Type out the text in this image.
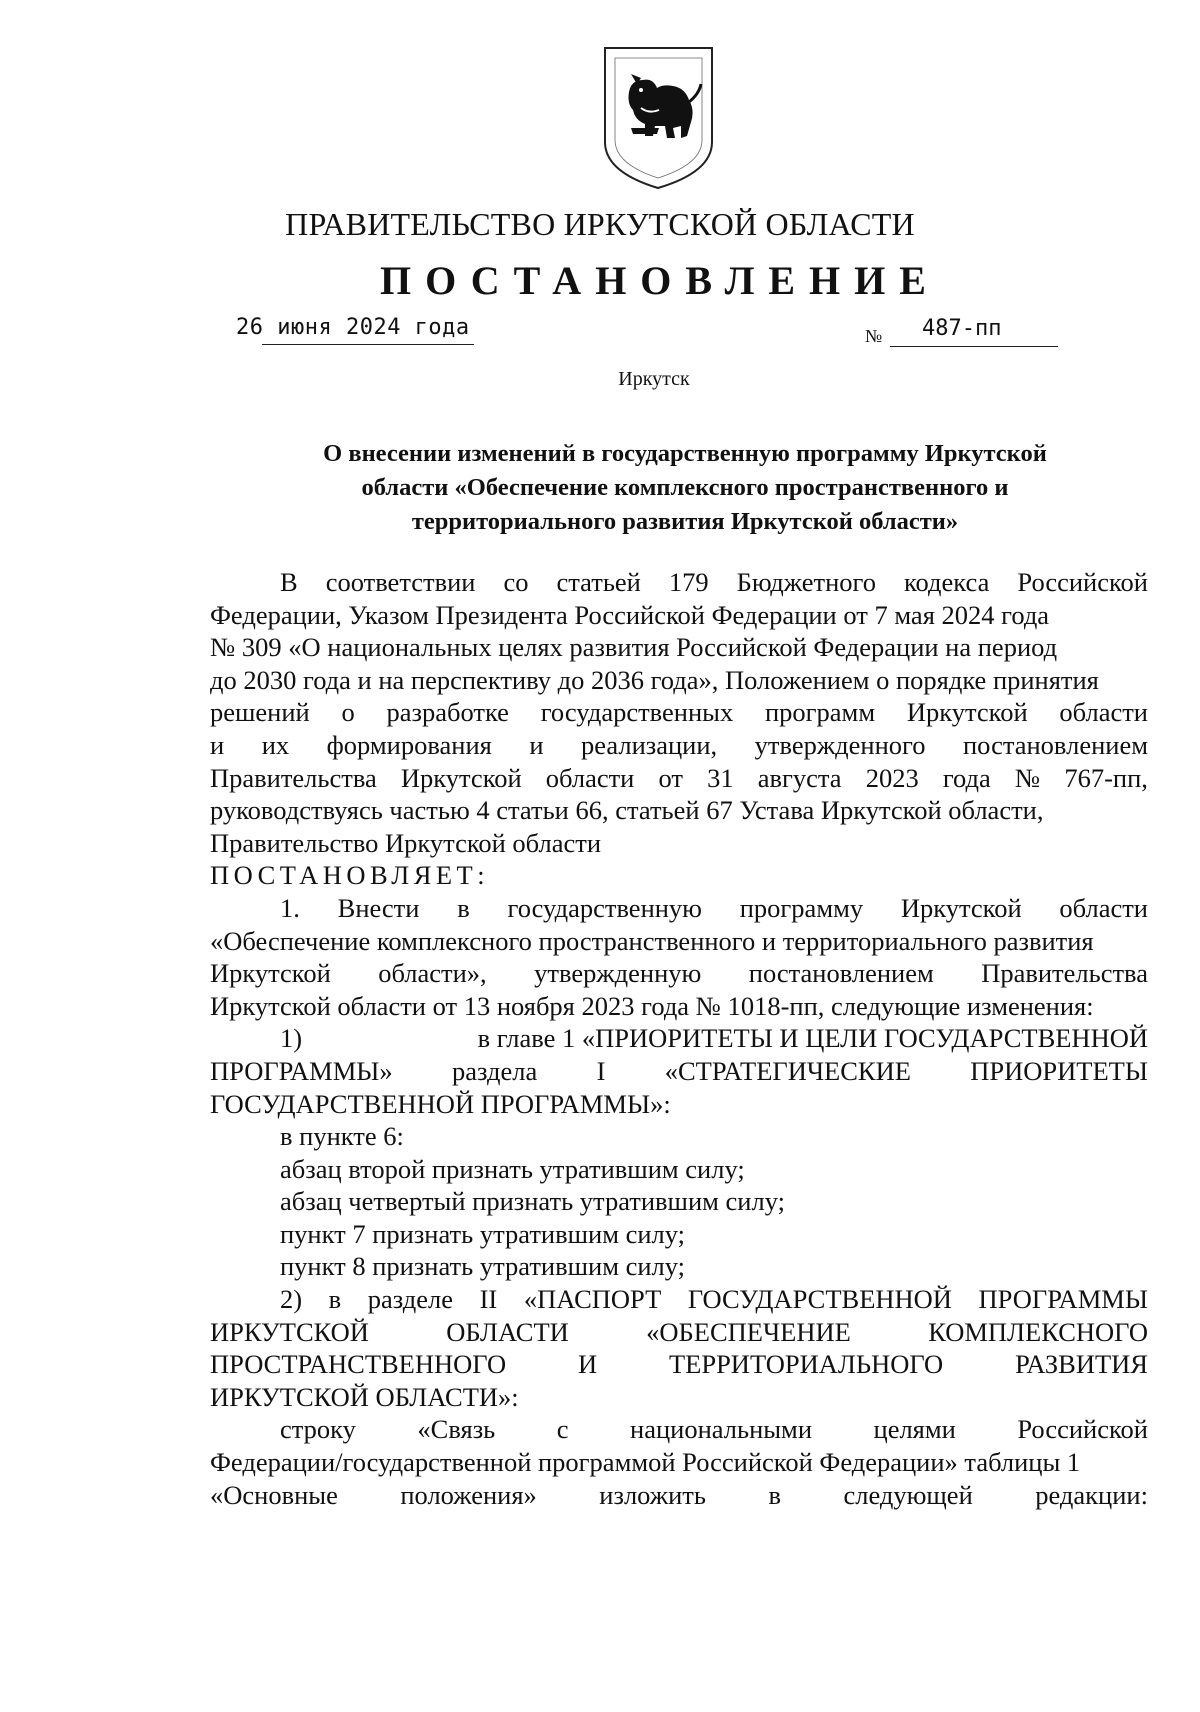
ПРАВИТЕЛЬСТВО ИРКУТСКОЙ ОБЛАСТИ
ПОСТАНОВЛЕНИЕ
26 июня 2024 года	№ 487-пп
Иркутск
О внесении изменений в государственную программу Иркутской
области «Обеспечение комплексного пространственного и
территориального развития Иркутской области»
В соответствии со статьей 179 Бюджетного кодекса Российской
Федерации, Указом Президента Российской Федерации от 7 мая 2024 года
№ 309 «О национальных целях развития Российской Федерации на период
до 2030 года и на перспективу до 2036 года», Положением о порядке принятия
решений о разработке государственных программ Иркутской области
и их формирования и реализации, утвержденного постановлением
Правительства Иркутской области от 31 августа 2023 года № 767-пп,
руководствуясь частью 4 статьи 66, статьей 67 Устава Иркутской области,
Правительство Иркутской области
ПОСТАНОВЛЯЕТ:
1. Внести в государственную программу Иркутской области
«Обеспечение комплексного пространственного и территориального развития
Иркутской области», утвержденную постановлением Правительства
Иркутской области от 13 ноября 2023 года № 1018-пп, следующие изменения:
1)	в главе 1 «ПРИОРИТЕТЫ И ЦЕЛИ ГОСУДАРСТВЕННОЙ
ПРОГРАММЫ» раздела I «СТРАТЕГИЧЕСКИЕ ПРИОРИТЕТЫ
ГОСУДАРСТВЕННОЙ ПРОГРАММЫ»:
в пункте 6:
абзац второй признать утратившим силу;
абзац четвертый признать утратившим силу;
пункт 7 признать утратившим силу;
пункт 8 признать утратившим силу;
2) в разделе II «ПАСПОРТ ГОСУДАРСТВЕННОЙ ПРОГРАММЫ
ИРКУТСКОЙ	ОБЛАСТИ	«ОБЕСПЕЧЕНИЕ	КОМПЛЕКСНОГО
ПРОСТРАНСТВЕННОГО	И	ТЕРРИТОРИАЛЬНОГО	РАЗВИТИЯ
ИРКУТСКОЙ ОБЛАСТИ»:
строку «Связь с национальными целями Российской
Федерации/государственной программой Российской Федерации» таблицы 1
«Основные положения» изложить в следующей редакции:
